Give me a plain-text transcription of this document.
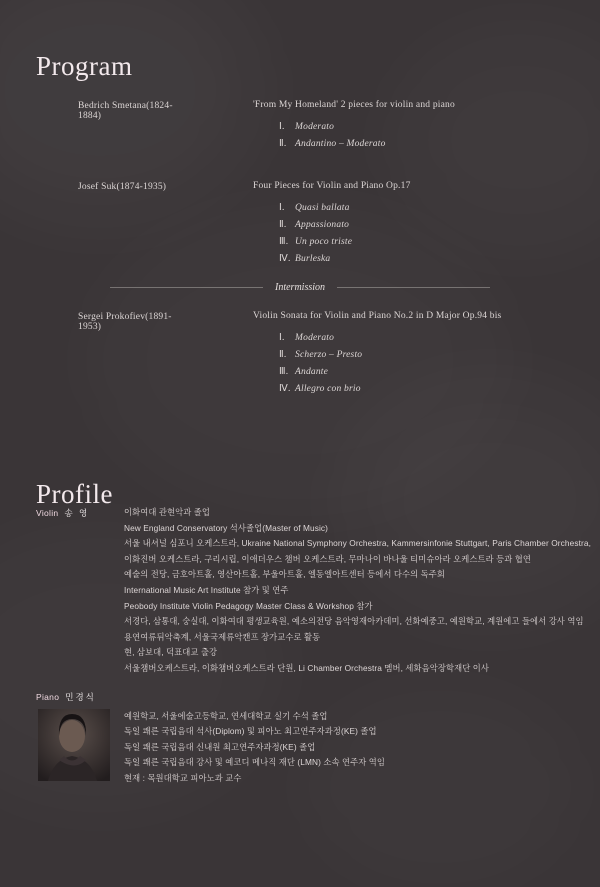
Program
Bedrich Smetana(1824-1884)
'From My Homeland' 2 pieces for violin and piano
Ⅰ. Moderato
Ⅱ. Andantino – Moderato
Josef Suk(1874-1935)	Four Pieces for Violin and Piano Op.17
Ⅰ. Quasi ballata
Ⅱ. Appassionato
Ⅲ. Un poco triste
Ⅳ. Burleska
Intermission
Sergei Prokofiev(1891-1953)
Violin Sonata for Violin and Piano No.2 in D Major Op.94 bis
Ⅰ. Moderato
Ⅱ. Scherzo – Presto
Ⅲ. Andante
Ⅳ. Allegro con brio
Profile
Violin 송 영	이화여대 관현악과 졸업
New England Conservatory 석사졸업(Master of Music)
서울 내셔널 심포니 오케스트라, Ukraine National Symphony Orchestra, Kammersinfonie Stuttgart, Paris Chamber Orchestra,
이화진버 오케스트라, 구리시립, 이애더우스 챔버 오케스트라, 무마나이 바나울 티미슈아라 오케스트라 등과 협연
예술의 전당, 금호아트홀, 영산아트홀, 부울아트홀, 엘동엘아트센터 등에서 다수의 독주회
International Music Art Institute 참가 및 연주
Peobody Institute Violin Pedagogy Master Class & Workshop 참가
서경다, 삼통대, 숭실대, 이화여대 평생교육원, 예소의전당 음악영재아카데미, 선화예중고, 예원학교, 계원에고 들에서 강사 역임
용연여류뒤악축계, 서울국제류악캔프 장가교수로 활동
현, 삼보대, 덕표대교 출강
서울챔버오케스트라, 이화챔버오케스트라 단원, Li Chamber Orchestra 멤버, 세화음악장학재단 이사
Piano 민경식
예원학교, 서울에술고등학교, 연세대학교 실기 수석 졸업
독일 쾌른 국립음대 석사(Diplom) 및 피아노 최고연주자과정(KE) 졸업
독일 쾌른 국립음대 신내원 최고연주자과정(KE) 졸업
독일 쾌른 국립음대 강사 및 예코디 메나직 재단 (LMN) 소속 연주자 역임
현재 : 목원대학교 피아노과 교수
